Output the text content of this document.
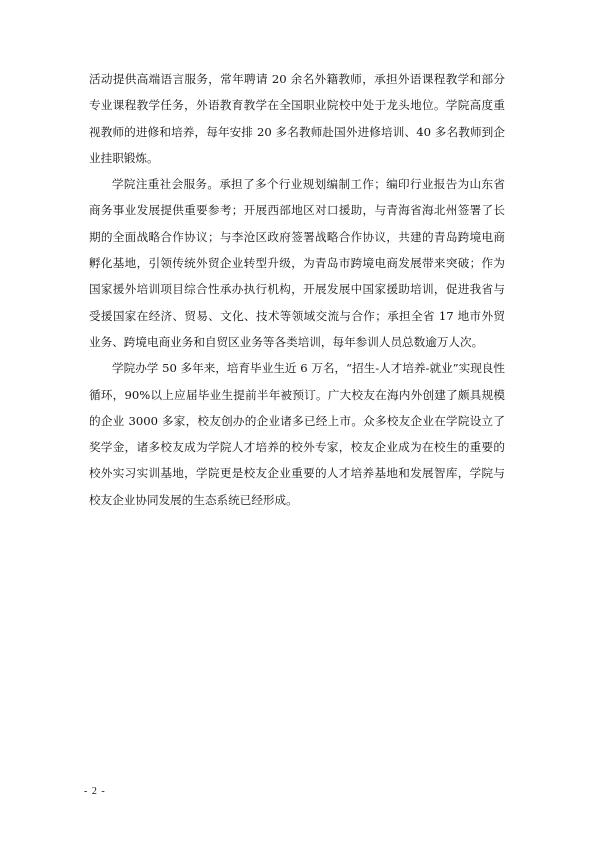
活动提供高端语言服务，常年聘请 20 余名外籍教师，承担外语课程教学和部分专业课程教学任务，外语教育教学在全国职业院校中处于龙头地位。学院高度重视教师的进修和培养，每年安排 20 多名教师赴国外进修培训、40 多名教师到企业挂职锻炼。

学院注重社会服务。承担了多个行业规划编制工作；编印行业报告为山东省商务事业发展提供重要参考；开展西部地区对口援助，与青海省海北州签署了长期的全面战略合作协议；与李沧区政府签署战略合作协议，共建的青岛跨境电商孵化基地，引领传统外贸企业转型升级，为青岛市跨境电商发展带来突破；作为国家援外培训项目综合性承办执行机构，开展发展中国家援助培训，促进我省与受援国家在经济、贸易、文化、技术等领域交流与合作；承担全省 17 地市外贸业务、跨境电商业务和自贸区业务等各类培训，每年参训人员总数逾万人次。

学院办学 50 多年来，培育毕业生近 6 万名，“招生-人才培养-就业”实现良性循环，90%以上应届毕业生提前半年被预订。广大校友在海内外创建了颇具规模的企业 3000 多家，校友创办的企业诸多已经上市。众多校友企业在学院设立了奖学金，诸多校友成为学院人才培养的校外专家，校友企业成为在校生的重要的校外实习实训基地，学院更是校友企业重要的人才培养基地和发展智库，学院与校友企业协同发展的生态系统已经形成。

- 2 -
